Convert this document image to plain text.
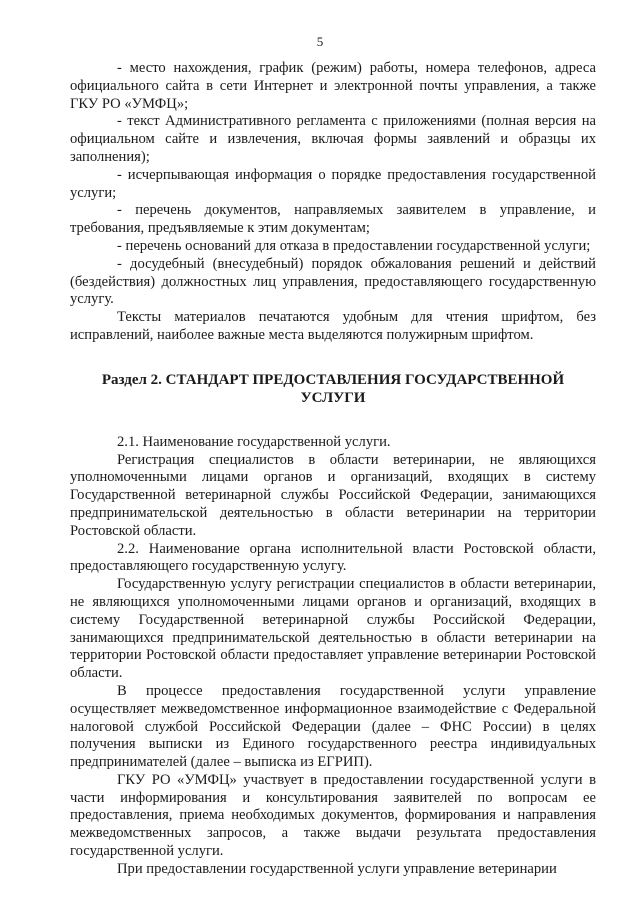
5

- место нахождения, график (режим) работы, номера телефонов, адреса официального сайта в сети Интернет и электронной почты управления, а также ГКУ РО «УМФЦ»;

- текст Административного регламента с приложениями (полная версия на официальном сайте и извлечения, включая формы заявлений и образцы их заполнения);

- исчерпывающая информация о порядке предоставления государственной услуги;

- перечень документов, направляемых заявителем в управление, и требования, предъявляемые к этим документам;

- перечень оснований для отказа в предоставлении государственной услуги;

- досудебный (внесудебный) порядок обжалования решений и действий (бездействия) должностных лиц управления, предоставляющего государственную услугу.

Тексты материалов печатаются удобным для чтения шрифтом, без исправлений, наиболее важные места выделяются полужирным шрифтом.

Раздел 2. СТАНДАРТ ПРЕДОСТАВЛЕНИЯ ГОСУДАРСТВЕННОЙ УСЛУГИ

2.1. Наименование государственной услуги.

Регистрация специалистов в области ветеринарии, не являющихся уполномоченными лицами органов и организаций, входящих в систему Государственной ветеринарной службы Российской Федерации, занимающихся предпринимательской деятельностью в области ветеринарии на территории Ростовской области.

2.2. Наименование органа исполнительной власти Ростовской области, предоставляющего государственную услугу.

Государственную услугу регистрации специалистов в области ветеринарии, не являющихся уполномоченными лицами органов и организаций, входящих в систему Государственной ветеринарной службы Российской Федерации, занимающихся предпринимательской деятельностью в области ветеринарии на территории Ростовской области предоставляет управление ветеринарии Ростовской области.

В процессе предоставления государственной услуги управление осуществляет межведомственное информационное взаимодействие с Федеральной налоговой службой Российской Федерации (далее – ФНС России) в целях получения выписки из Единого государственного реестра индивидуальных предпринимателей (далее – выписка из ЕГРИП).

ГКУ РО «УМФЦ» участвует в предоставлении государственной услуги в части информирования и консультирования заявителей по вопросам ее предоставления, приема необходимых документов, формирования и направления межведомственных запросов, а также выдачи результата предоставления государственной услуги.

При предоставлении государственной услуги управление ветеринарии
